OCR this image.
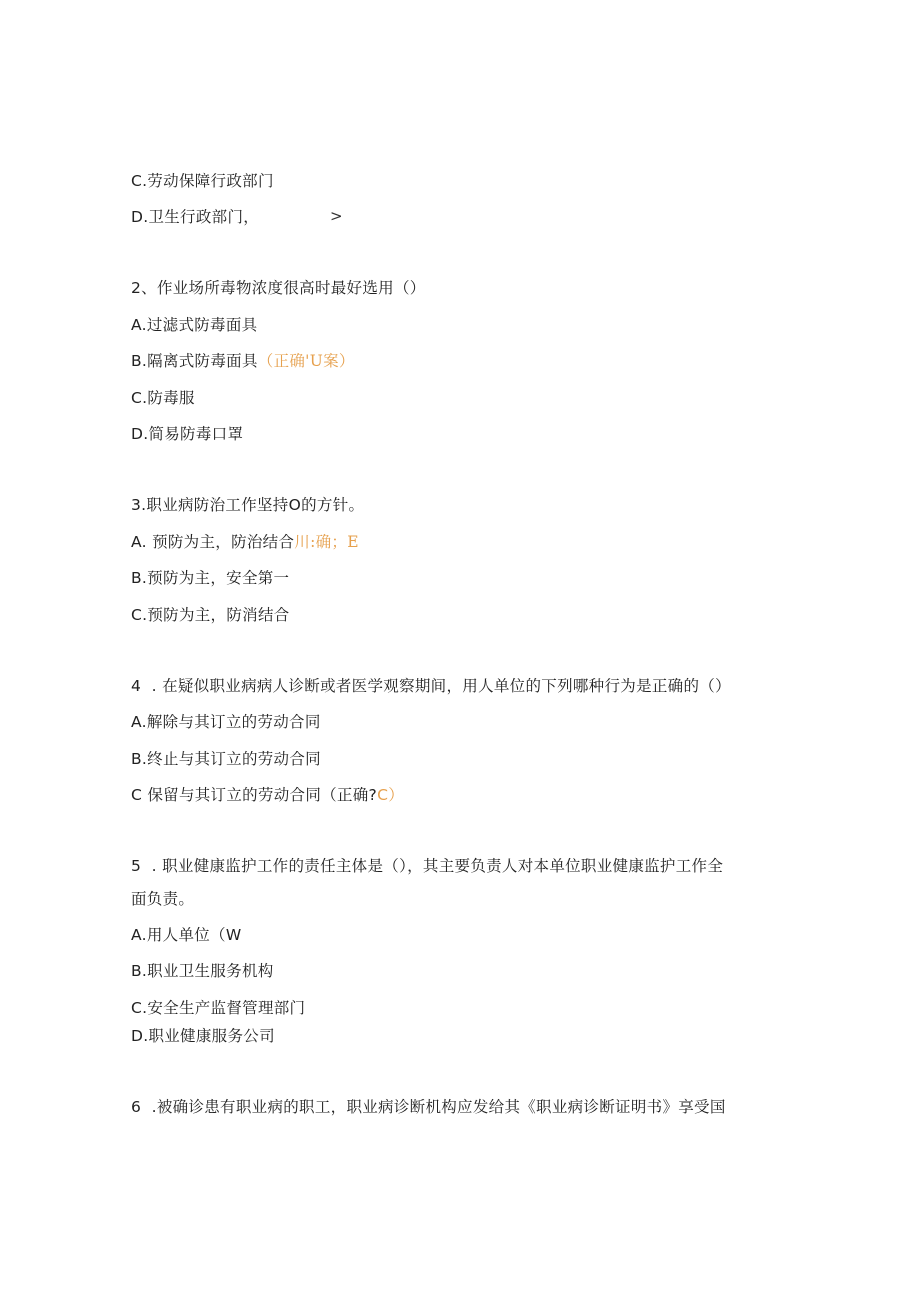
C.劳动保障行政部门
D.卫生行政部门，	>
2、作业场所毒物浓度很高时最好选用（）
A.过滤式防毒面具
B.隔离式防毒面具（正确'U案）
C.防毒服
D.简易防毒口罩
3.职业病防治工作坚持O的方针。
A. 预防为主，防治结合川:确；E
B.预防为主，安全第一
C.预防为主，防消结合
4  . 在疑似职业病病人诊断或者医学观察期间，用人单位的下列哪种行为是正确的（）
A.解除与其订立的劳动合同
B.终止与其订立的劳动合同
C 保留与其订立的劳动合同（正确?C）
5  . 职业健康监护工作的责任主体是（），其主要负责人对本单位职业健康监护工作全
面负责。
A.用人单位（W
B.职业卫生服务机构
C.安全生产监督管理部门
D.职业健康服务公司
6  .被确诊患有职业病的职工，职业病诊断机构应发给其《职业病诊断证明书》享受国
